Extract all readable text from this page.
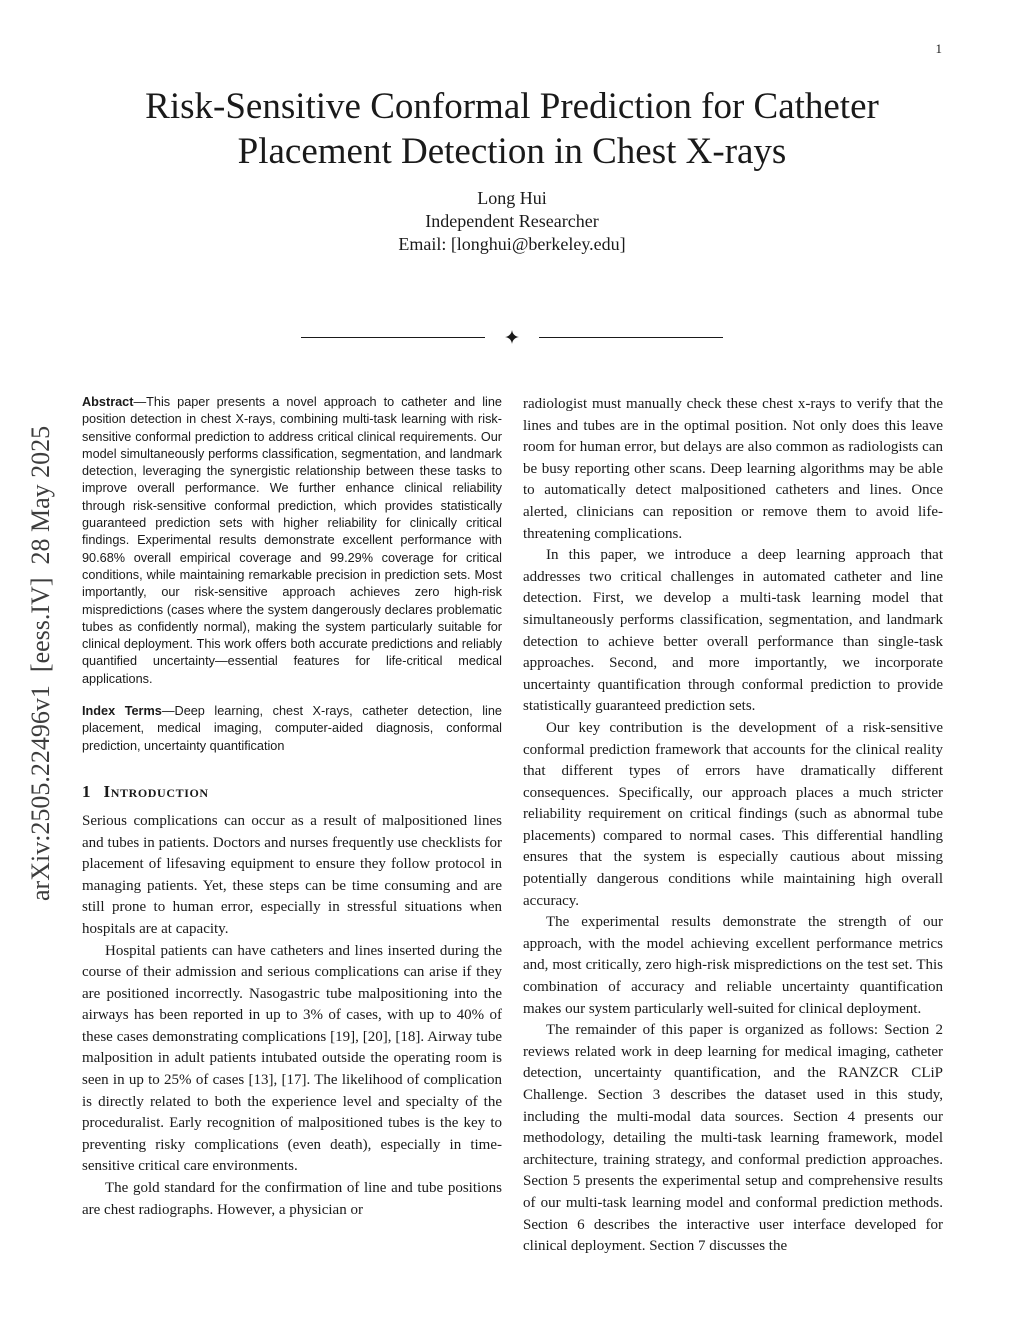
1
arXiv:2505.22496v1  [eess.IV]  28 May 2025
Risk-Sensitive Conformal Prediction for Catheter
Placement Detection in Chest X-rays
Long Hui
Independent Researcher
Email: [longhui@berkeley.edu]

Abstract—This paper presents a novel approach to catheter and line position detection in chest X-rays, combining multi-task learning with risk-sensitive conformal prediction to address critical clinical requirements. Our model simultaneously performs classification, segmentation, and landmark detection, leveraging the synergistic relationship between these tasks to improve overall performance. We further enhance clinical reliability through risk-sensitive conformal prediction, which provides statistically guaranteed prediction sets with higher reliability for clinically critical findings. Experimental results demonstrate excellent performance with 90.68% overall empirical coverage and 99.29% coverage for critical conditions, while maintaining remarkable precision in prediction sets. Most importantly, our risk-sensitive approach achieves zero high-risk mispredictions (cases where the system dangerously declares problematic tubes as confidently normal), making the system particularly suitable for clinical deployment. This work offers both accurate predictions and reliably quantified uncertainty—essential features for life-critical medical applications.

Index Terms—Deep learning, chest X-rays, catheter detection, line placement, medical imaging, computer-aided diagnosis, conformal prediction, uncertainty quantification

1 Introduction

Serious complications can occur as a result of malpositioned lines and tubes in patients. Doctors and nurses frequently use checklists for placement of lifesaving equipment to ensure they follow protocol in managing patients. Yet, these steps can be time consuming and are still prone to human error, especially in stressful situations when hospitals are at capacity.

Hospital patients can have catheters and lines inserted during the course of their admission and serious complications can arise if they are positioned incorrectly. Nasogastric tube malpositioning into the airways has been reported in up to 3% of cases, with up to 40% of these cases demonstrating complications [19], [20], [18]. Airway tube malposition in adult patients intubated outside the operating room is seen in up to 25% of cases [13], [17]. The likelihood of complication is directly related to both the experience level and specialty of the proceduralist. Early recognition of malpositioned tubes is the key to preventing risky complications (even death), especially in time-sensitive critical care environments.

The gold standard for the confirmation of line and tube positions are chest radiographs. However, a physician or

radiologist must manually check these chest x-rays to verify that the lines and tubes are in the optimal position. Not only does this leave room for human error, but delays are also common as radiologists can be busy reporting other scans. Deep learning algorithms may be able to automatically detect malpositioned catheters and lines. Once alerted, clinicians can reposition or remove them to avoid life-threatening complications.

In this paper, we introduce a deep learning approach that addresses two critical challenges in automated catheter and line detection. First, we develop a multi-task learning model that simultaneously performs classification, segmentation, and landmark detection to achieve better overall performance than single-task approaches. Second, and more importantly, we incorporate uncertainty quantification through conformal prediction to provide statistically guaranteed prediction sets.

Our key contribution is the development of a risk-sensitive conformal prediction framework that accounts for the clinical reality that different types of errors have dramatically different consequences. Specifically, our approach places a much stricter reliability requirement on critical findings (such as abnormal tube placements) compared to normal cases. This differential handling ensures that the system is especially cautious about missing potentially dangerous conditions while maintaining high overall accuracy.

The experimental results demonstrate the strength of our approach, with the model achieving excellent performance metrics and, most critically, zero high-risk mispredictions on the test set. This combination of accuracy and reliable uncertainty quantification makes our system particularly well-suited for clinical deployment.

The remainder of this paper is organized as follows: Section 2 reviews related work in deep learning for medical imaging, catheter detection, uncertainty quantification, and the RANZCR CLiP Challenge. Section 3 describes the dataset used in this study, including the multi-modal data sources. Section 4 presents our methodology, detailing the multi-task learning framework, model architecture, training strategy, and conformal prediction approaches. Section 5 presents the experimental setup and comprehensive results of our multi-task learning model and conformal prediction methods. Section 6 describes the interactive user interface developed for clinical deployment. Section 7 discusses the
